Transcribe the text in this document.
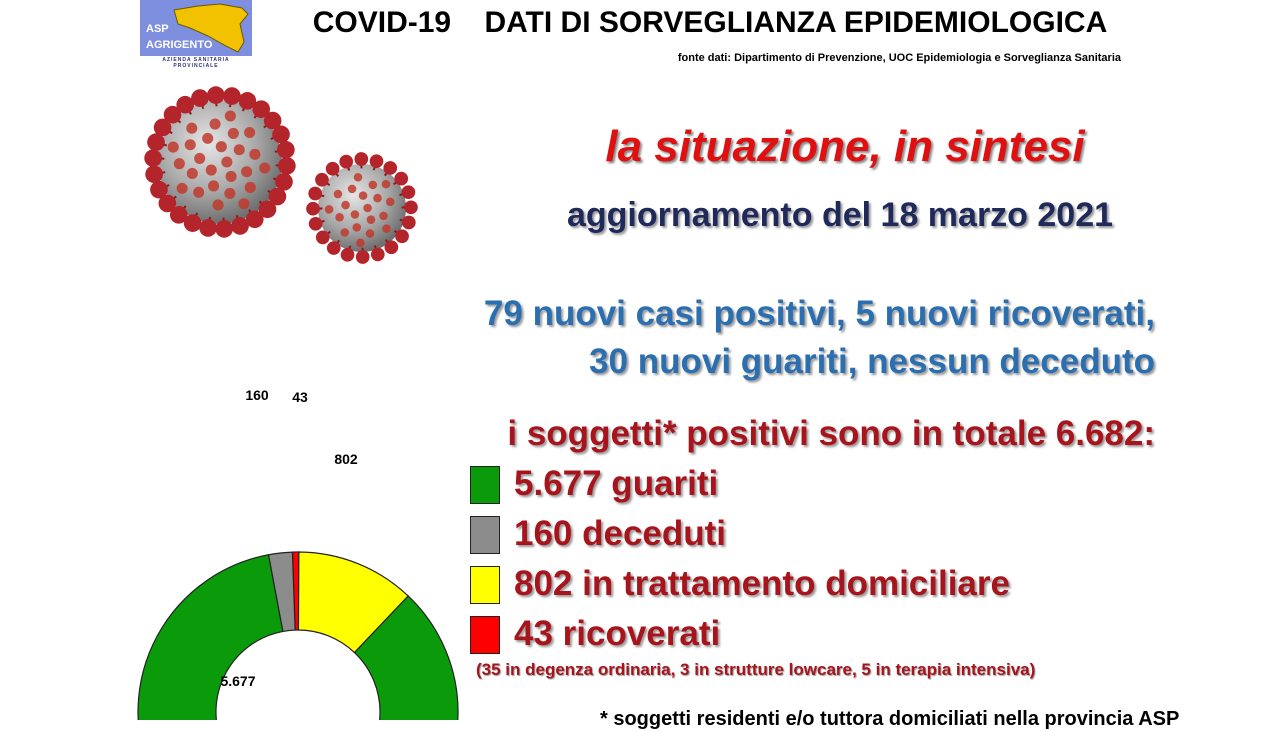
ASP
AGRIGENTO
AZIENDA SANITARIA PROVINCIALE
COVID-19    DATI DI SORVEGLIANZA EPIDEMIOLOGICA
fonte dati: Dipartimento di Prevenzione, UOC Epidemiologia e Sorveglianza Sanitaria
la situazione, in sintesi
aggiornamento del 18 marzo 2021
79 nuovi casi positivi, 5 nuovi ricoverati,
30 nuovi guariti, nessun deceduto
i soggetti* positivi sono in totale 6.682:
5.677 guariti
160 deceduti
802 in trattamento domiciliare
43 ricoverati
(35 in degenza ordinaria, 3 in strutture lowcare, 5 in terapia intensiva)
* soggetti residenti e/o tuttora domiciliati nella provincia ASP
5.677
160
802
43
